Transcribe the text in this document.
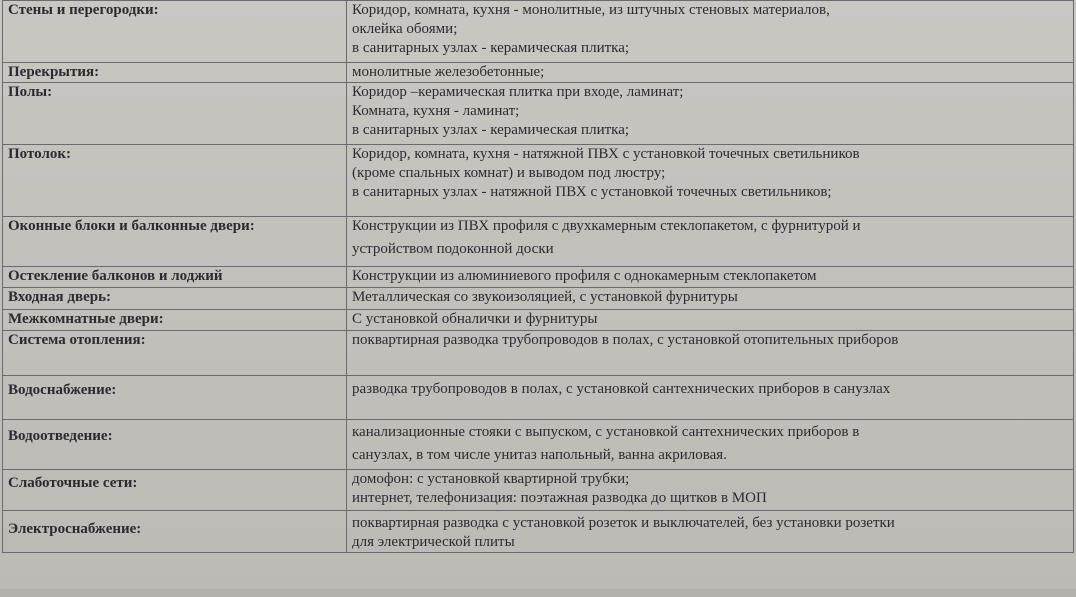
Стены и перегородки:	Коридор, комната, кухня - монолитные, из штучных стеновых материалов,
оклейка обоями;
в санитарных узлах - керамическая плитка;

Перекрытия:	монолитные железобетонные;

Полы:	Коридор –керамическая плитка при входе, ламинат;
Комната, кухня - ламинат;
в санитарных узлах - керамическая плитка;

Потолок:	Коридор, комната, кухня - натяжной ПВХ с установкой точечных светильников
(кроме спальных комнат) и выводом под люстру;
в санитарных узлах - натяжной ПВХ с установкой точечных светильников;

Оконные блоки и балконные двери:	Конструкции из ПВХ профиля с двухкамерным стеклопакетом, с фурнитурой и
устройством подоконной доски

Остекление балконов и лоджий	Конструкции из алюминиевого профиля с однокамерным стеклопакетом

Входная дверь:	Металлическая со звукоизоляцией, с установкой фурнитуры

Межкомнатные двери:	С установкой обналички и фурнитуры

Система отопления:	поквартирная разводка трубопроводов в полах, с установкой отопительных приборов

Водоснабжение:	разводка трубопроводов в полах, с установкой сантехнических приборов в санузлах

Водоотведение:	канализационные стояки с выпуском, с установкой сантехнических приборов в
санузлах, в том числе унитаз напольный, ванна акриловая.

Слаботочные сети:	домофон: с установкой квартирной трубки;
интернет, телефонизация: поэтажная разводка до щитков в МОП

Электроснабжение:	поквартирная разводка с установкой розеток и выключателей, без установки розетки
для электрической плиты
